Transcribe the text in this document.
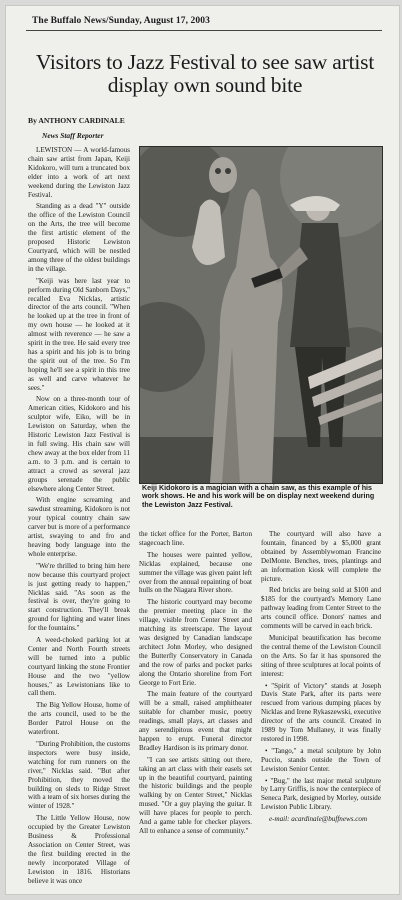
The Buffalo News/Sunday, August 17, 2003
Visitors to Jazz Festival to see saw artist display own sound bite
By ANTHONY CARDINALE
News Staff Reporter

LEWISTON — A world-famous chain saw artist from Japan, Keiji Kidokoro, will turn a truncated box elder into a work of art next weekend during the Lewiston Jazz Festival.

Standing as a dead "Y" outside the office of the Lewiston Council on the Arts, the tree will become the first artistic element of the proposed Historic Lewiston Courtyard, which will be nestled among three of the oldest buildings in the village.

"Keiji was here last year to perform during Old Sanborn Days," recalled Eva Nicklas, artistic director of the arts council. "When he looked up at the tree in front of my own house — he looked at it almost with reverence — he saw a spirit in the tree. He said every tree has a spirit and his job is to bring the spirit out of the tree. So I'm hoping he'll see a spirit in this tree as well and carve whatever he sees."

Now on a three-month tour of American cities, Kidokoro and his sculptor wife, Eiko, will be in Lewiston on Saturday, when the Historic Lewiston Jazz Festival is in full swing. His chain saw will chew away at the box elder from 11 a.m. to 3 p.m. and is certain to attract a crowd as several jazz groups serenade the public elsewhere along Center Street.

With engine screaming and sawdust streaming, Kidokoro is not your typical country chain saw carver but is more of a performance artist, swaying to and fro and heaving body language into the whole enterprise.

"We're thrilled to bring him here now because this courtyard project is just getting ready to happen," Nicklas said. "As soon as the festival is over, they're going to start construction. They'll break ground for lighting and water lines for the fountains."

A weed-choked parking lot at Center and North Fourth streets will be turned into a public courtyard linking the stone Frontier House and the two "yellow houses," as Lewistonians like to call them.

The Big Yellow House, home of the arts council, used to be the Border Patrol House on the waterfront.

"During Prohibition, the customs inspectors were busy inside, watching for rum runners on the river," Nicklas said. "But after Prohibition, they moved the building on sleds to Ridge Street with a team of six horses during the winter of 1928."

The Little Yellow House, now occupied by the Greater Lewiston Business & Professional Association on Center Street, was the first building erected in the newly incorporated Village of Lewiston in 1816. Historians believe it was once

Keiji Kidokoro is a magician with a chain saw, as this example of his work shows. He and his work will be on display next weekend during the Lewiston Jazz Festival.

the ticket office for the Porter, Barton stagecoach line.

The houses were painted yellow, Nicklas explained, because one summer the village was given paint left over from the annual repainting of boat hulls on the Niagara River shore.

The historic courtyard may become the premier meeting place in the village, visible from Center Street and matching its streetscape. The layout was designed by Canadian landscape architect John Morley, who designed the Butterfly Conservatory in Canada and the row of parks and pocket parks along the Ontario shoreline from Fort George to Fort Erie.

The main feature of the courtyard will be a small, raised amphitheater suitable for chamber music, poetry readings, small plays, art classes and any serendipitous event that might happen to erupt. Funeral director Bradley Hardison is its primary donor.

"I can see artists sitting out there, taking an art class with their easels set up in the beautiful courtyard, painting the historic buildings and the people walking by on Center Street," Nicklas mused. "Or a guy playing the guitar. It will have places for people to perch. And a game table for checker players. All to enhance a sense of community."

The courtyard will also have a fountain, financed by a $5,000 grant obtained by Assemblywoman Francine DelMonte. Benches, trees, plantings and an information kiosk will complete the picture.

Red bricks are being sold at $100 and $185 for the courtyard's Memory Lane pathway leading from Center Street to the arts council office. Donors' names and comments will be carved in each brick.

Municipal beautification has become the central theme of the Lewiston Council on the Arts. So far it has sponsored the siting of three sculptures at local points of interest:

• "Spirit of Victory" stands at Joseph Davis State Park, after its parts were rescued from various dumping places by Nicklas and Irene Rykaszewski, executive director of the arts council. Created in 1989 by Tom Mullaney, it was finally restored in 1998.

• "Tango," a metal sculpture by John Puccio, stands outside the Town of Lewiston Senior Center.

• "Bug," the last major metal sculpture by Larry Griffis, is now the centerpiece of Seneca Park, designed by Morley, outside Lewiston Public Library.

e-mail: acardinale@buffnews.com
